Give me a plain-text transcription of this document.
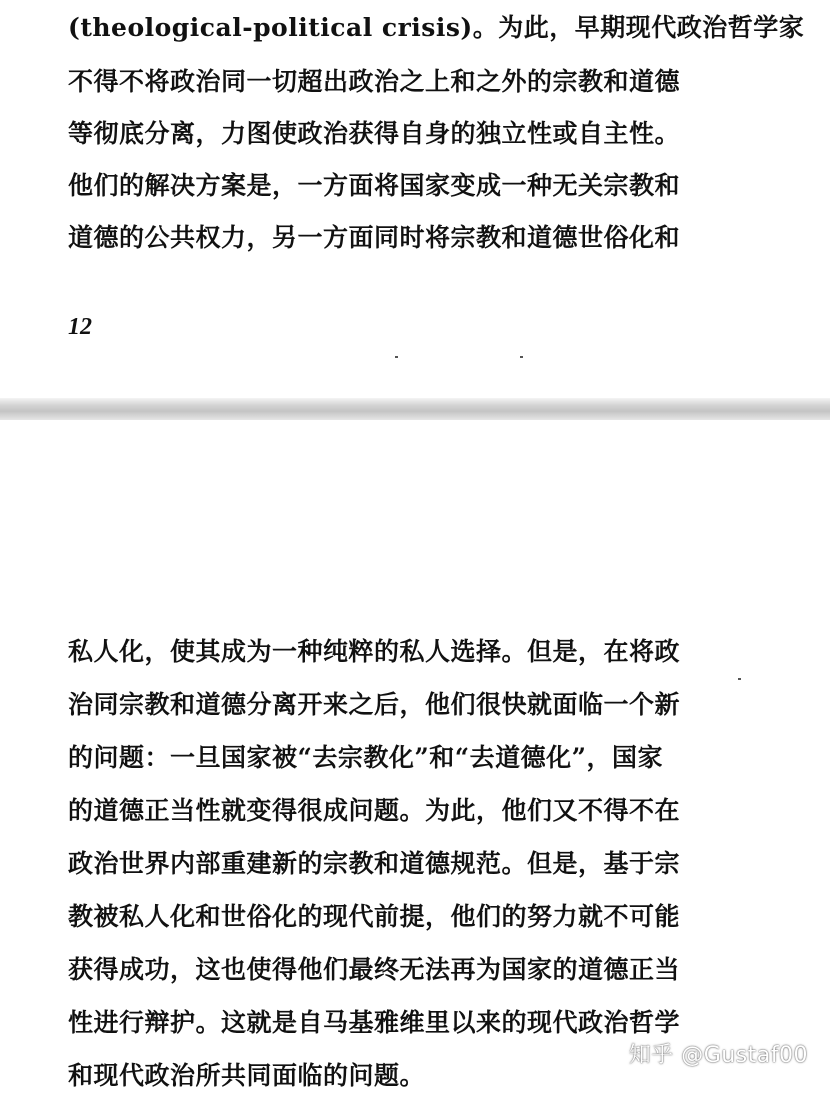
(theological-political crisis)。为此，早期现代政治哲学家
不得不将政治同一切超出政治之上和之外的宗教和道德
等彻底分离，力图使政治获得自身的独立性或自主性。
他们的解决方案是，一方面将国家变成一种无关宗教和
道德的公共权力，另一方面同时将宗教和道德世俗化和
12
私人化，使其成为一种纯粹的私人选择。但是，在将政
治同宗教和道德分离开来之后，他们很快就面临一个新
的问题：一旦国家被“去宗教化”和“去道德化”，国家
的道德正当性就变得很成问题。为此，他们又不得不在
政治世界内部重建新的宗教和道德规范。但是，基于宗
教被私人化和世俗化的现代前提，他们的努力就不可能
获得成功，这也使得他们最终无法再为国家的道德正当
性进行辩护。这就是自马基雅维里以来的现代政治哲学
和现代政治所共同面临的问题。
知乎 @Gustaf00
